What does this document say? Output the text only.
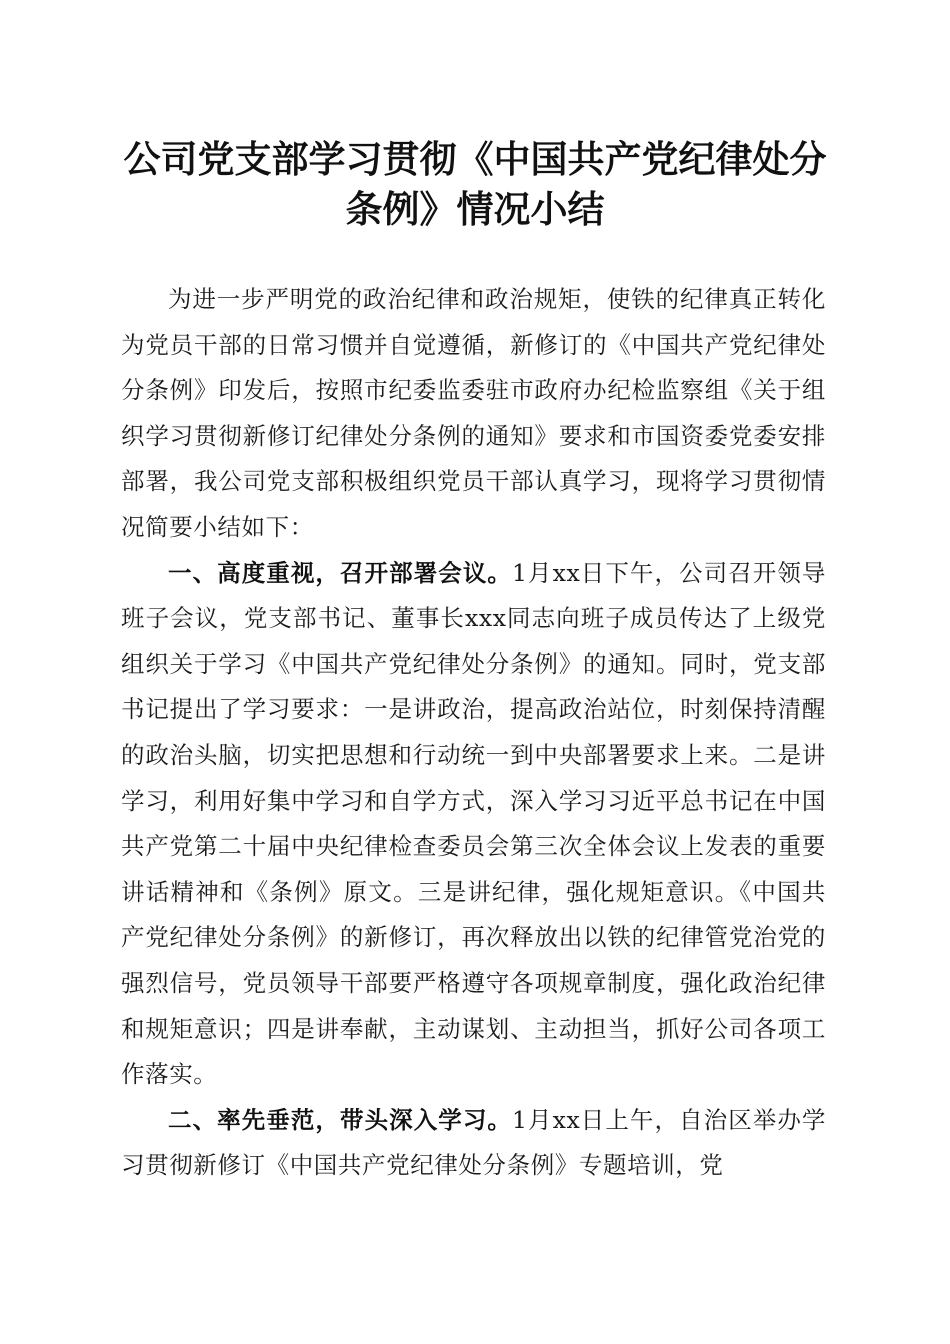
公司党支部学习贯彻《中国共产党纪律处分条例》情况小结

为进一步严明党的政治纪律和政治规矩，使铁的纪律真正转化为党员干部的日常习惯并自觉遵循，新修订的《中国共产党纪律处分条例》印发后，按照市纪委监委驻市政府办纪检监察组《关于组织学习贯彻新修订纪律处分条例的通知》要求和市国资委党委安排部署，我公司党支部积极组织党员干部认真学习，现将学习贯彻情况简要小结如下：

一、高度重视，召开部署会议。1月xx日下午，公司召开领导班子会议，党支部书记、董事长xxx同志向班子成员传达了上级党组织关于学习《中国共产党纪律处分条例》的通知。同时，党支部书记提出了学习要求：一是讲政治，提高政治站位，时刻保持清醒的政治头脑，切实把思想和行动统一到中央部署要求上来。二是讲学习，利用好集中学习和自学方式，深入学习习近平总书记在中国共产党第二十届中央纪律检查委员会第三次全体会议上发表的重要讲话精神和《条例》原文。三是讲纪律，强化规矩意识。《中国共产党纪律处分条例》的新修订，再次释放出以铁的纪律管党治党的强烈信号，党员领导干部要严格遵守各项规章制度，强化政治纪律和规矩意识；四是讲奉献，主动谋划、主动担当，抓好公司各项工作落实。

二、率先垂范，带头深入学习。1月xx日上午，自治区举办学习贯彻新修订《中国共产党纪律处分条例》专题培训，党
